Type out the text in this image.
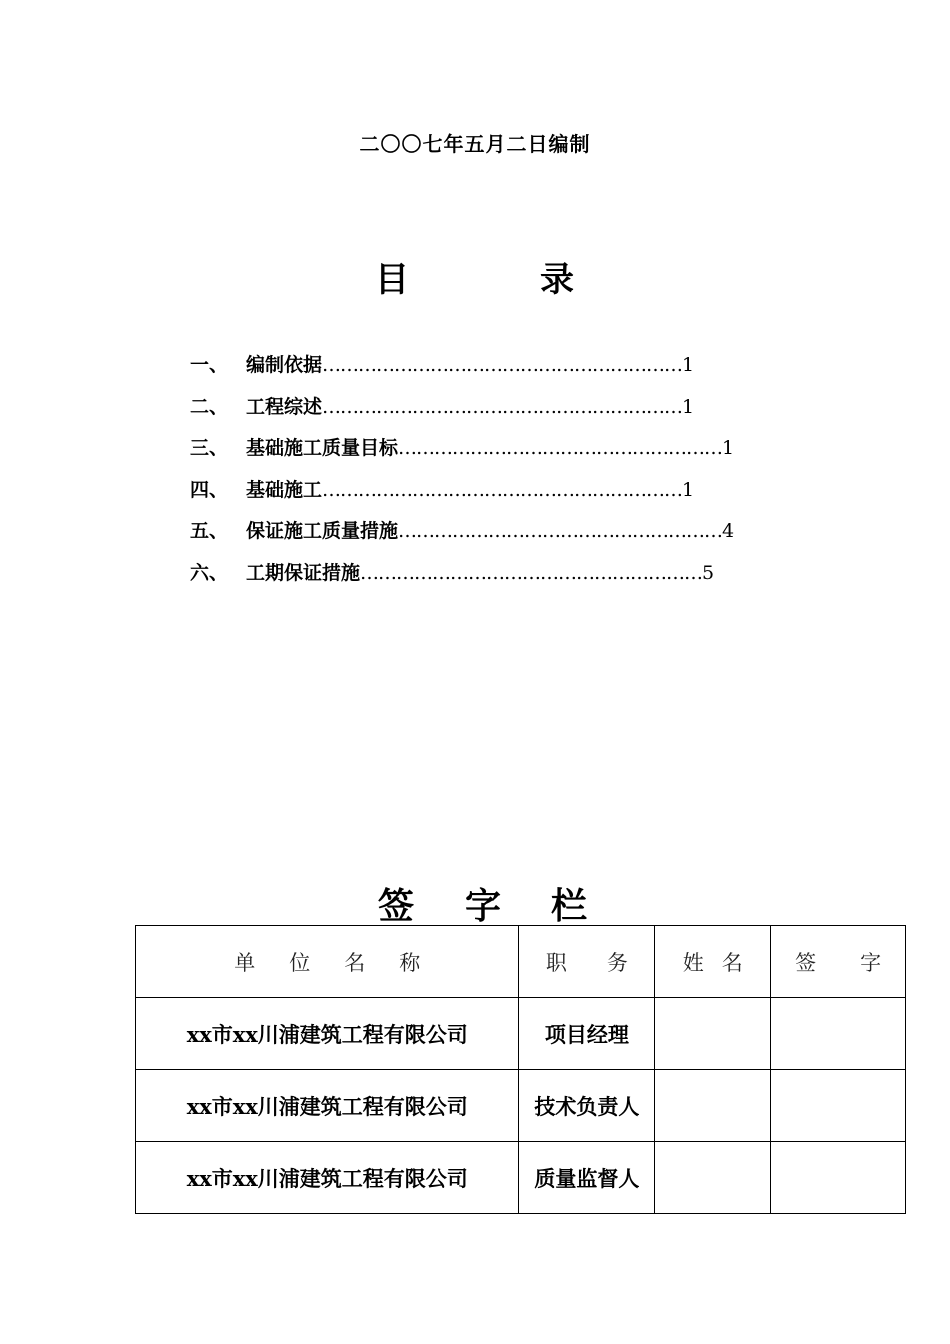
二〇〇七年五月二日编制
目	录
一、 编制依据 …………………………………………………… 1
二、 工程综述 …………………………………………………… 1
三、 基础施工质量目标 ……………………………………………… 1
四、 基础施工 …………………………………………………… 1
五、 保证施工质量措施 ……………………………………………… 4
六、 工期保证措施 ………………………………………………… 5
签 字 栏
单位名称	职务	姓名	签字
xx市xx川浦建筑工程有限公司	项目经理		
xx市xx川浦建筑工程有限公司	技术负责人		
xx市xx川浦建筑工程有限公司	质量监督人		
